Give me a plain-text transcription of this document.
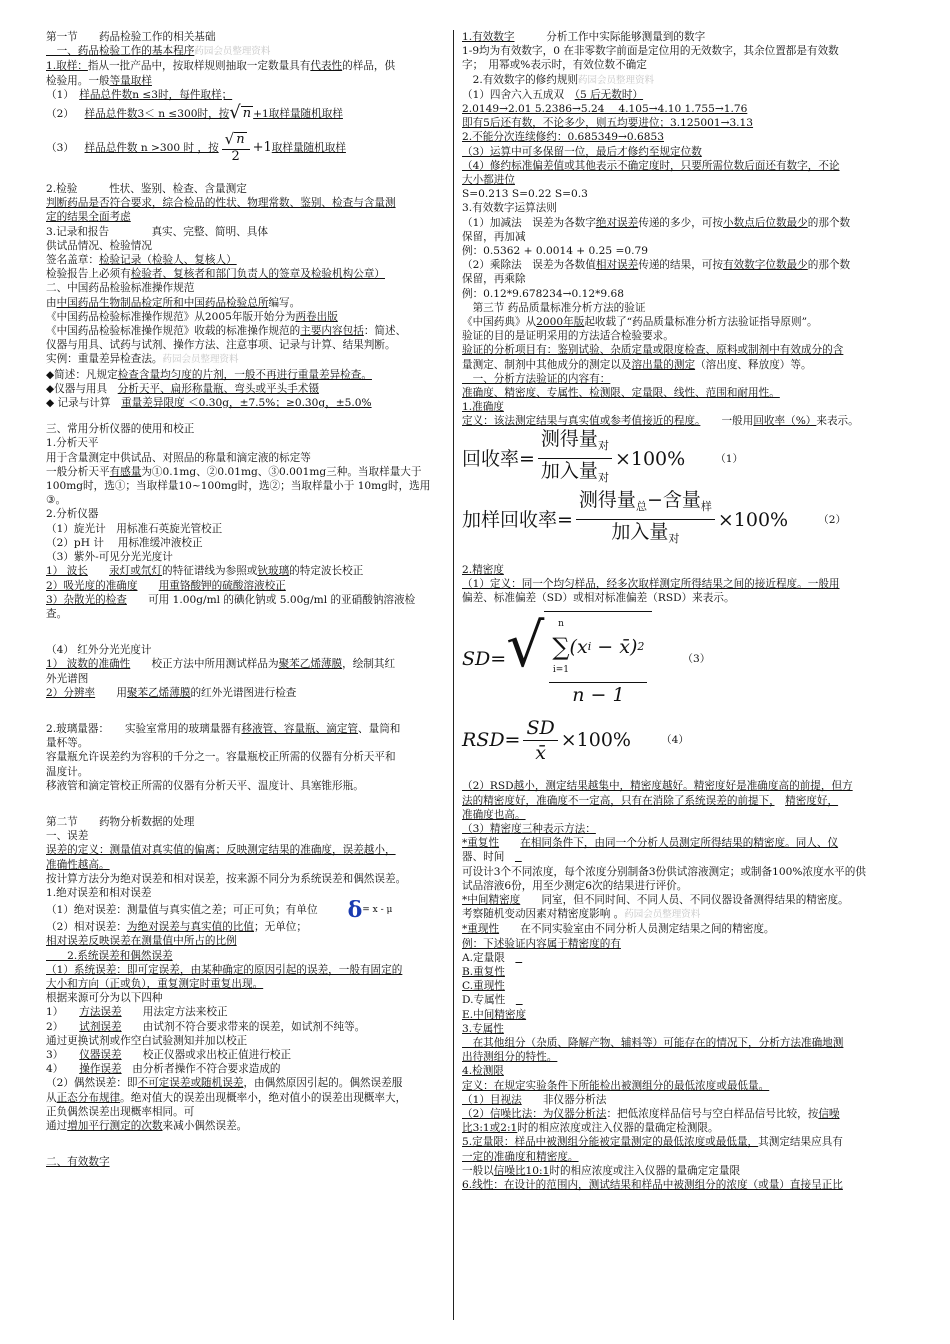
第一节　　药品检验工作的相关基础
　一、药品检验工作的基本程序药园会员整理资料
1.取样：指从一批产品中，按取样规则抽取一定数量具有代表性的样品，供
检验用。一般等量取样
（1）　 样品总件数n ≤3时，每件取样；
（2）
　 样品总件数3＜ n ≤300时，按 √ n +1取样量随机取样
（3）
　 样品总件数 n >300 时 ，按 $\frac{√ n}{2} +1$ 取样量随机取样
2.检验　　　性状、鉴别、检查、含量测定
判断药品是否符合要求，综合检品的性状、物理常数、鉴别、检查与含量测
定的结果全面考虑
3.记录和报告　　　　真实、完整、简明、具体
供试品情况、检验情况
签名盖章：检验记录（检验人、复核人）
检验报告上必须有检验者、复核者和部门负责人的签章及检验机构公章）
二、中国药品检验标准操作规范
由中国药品生物制品检定所和中国药品检验总所编写。
《中国药品检验标准操作规范》从2005年版开始分为两卷出版
《中国药品检验标准操作规范》收载的标准操作规范的主要内容包括：简述、
仪器与用具、试药与试剂、操作方法、注意事项、记录与计算、结果判断。
实例：重量差异检查法。药园会员整理资料
◆简述：凡规定检查含量均匀度的片剂，一般不再进行重量差异检查。
◆仪器与用具　 分析天平、扁形称量瓶、弯头或平头手术镊
◆ 记录与计算　 重量差异限度 ＜0.30g，±7.5%；≥0.30g，±5.0%
三、常用分析仪器的使用和校正
1.分析天平
用于含量测定中供试品、对照品的称量和滴定液的标定等
一般分析天平有感量为①0.1mg、②0.01mg、③0.001mg三种。当取样量大于
100mg时，选①；当取样量10~100mg时，选②；当取样量小于 10mg时，选用
③。
2.分析仪器
（1）旋光计　用标准石英旋光管校正
（2）pH 计　 用标准缓冲液校正
（3）紫外-可见分光光度计
1） 波长　　 汞灯或氘灯的特征谱线为参照或钬玻璃的特定波长校正
2）吸光度的准确度　　 用重铬酸钾的硫酸溶液校正
3）杂散光的检查　　 可用 1.00g/ml 的碘化钠或 5.00g/ml 的亚硝酸钠溶液检
查。
（4） 红外分光光度计
1） 波数的准确性　　 校正方法中所用测试样品为聚苯乙烯薄膜，绘制其红
外光谱图
2）分辨率　　 用聚苯乙烯薄膜的红外光谱图进行检查
2.玻璃量器：　　 实验室常用的玻璃量器有移液管、容量瓶、滴定管、量筒和
量杯等。
容量瓶允许误差约为容积的千分之一。容量瓶校正所需的仪器有分析天平和
温度计。
移液管和滴定管校正所需的仪器有分析天平、温度计、具塞锥形瓶。
第二节　　药物分析数据的处理
一、误差
误差的定义：测量值对真实值的偏离；反映测定结果的准确度，误差越小，
准确性越高。
按计算方法分为绝对误差和相对误差，按来源不同分为系统误差和偶然误差。
1.绝对误差和相对误差
（1）绝对误差：测量值与真实值之差；可正可负；有单位 δ = x - μ
（2）相对误差：为绝对误差与真实值的比值；无单位；
相对误差反映误差在测量值中所占的比例
　　2.系统误差和偶然误差
（1）系统误差：即可定误差，由某种确定的原因引起的误差，一般有固定的
大小和方向（正或负），重复测定时重复出现。
根据来源可分为以下四种
1）　　 方法误差　　 用法定方法来校正
2）　　 试剂误差　　 由试剂不符合要求带来的误差，如试剂不纯等。
通过更换试剂或作空白试验测知并加以校正
3）　　 仪器误差　　 校正仪器或求出校正值进行校正
4）　　 操作误差　 由分析者操作不符合要求造成的
（2）偶然误差：即不可定误差或随机误差，由偶然原因引起的。偶然误差服
从正态分布规律。绝对值大的误差出现概率小，绝对值小的误差出现概率大，
正负偶然误差出现概率相同。可
通过增加平行测定的次数来减小偶然误差。
二、有效数字
1.有效数字　　　	分析工作中实际能够测量到的数字
1-9均为有效数字，0 在非零数字前面是定位用的无效数字，其余位置都是有效数
字；　用幂或%表示时，有效位数不确定
　2.有效数字的修约规则药园会员整理资料
（1）四舍六入五成双　 （5 后无数时）
2.0149→2.01 5.2386→5.24　 4.105→4.10 1.755→1.76
即有5后还有数，不论多少，则五均要进位；3.125001→3.13
2.不能分次连续修约：0.685349→0.6853
（3）运算中可多保留一位，最后才修约至规定位数
（4）修约标准偏差值或其他表示不确定度时，只要所需位数后面还有数字，不论
大小都进位
S=0.213 S=0.22 S=0.3
3.有效数字运算法则
（1）加减法　误差为各数字绝对误差传递的多少，可按小数点后位数最少的那个数
保留，再加减
例：0.5362 + 0.0014 + 0.25 =0.79
（2）乘除法　误差为各数值相对误差传递的结果，可按有效数字位数最少的那个数
保留，再乘除
例：0.12*9.678234→0.12*9.68
　第三节 药品质量标准分析方法的验证
《中国药典》从2000年版起收载了“药品质量标准分析方法验证指导原则”。
验证的目的是证明采用的方法适合检验要求。
验证的分析项目有：鉴别试验、杂质定量或限度检查、原料或制剂中有效成分的含
量测定、制剂中其他成分的测定以及溶出量的测定（溶出度、释放度）等。
　一、分析方法验证的内容有：
准确度、精密度、专属性、检测限、定量限、线性、范围和耐用性。
1.准确度
定义：该法测定结果与真实值或参考值接近的程度。　　 一般用回收率（%）来表示。
回收率= $\frac{测得量_对}{加入量_对} \times 100\%$	（1）
加样回收率= $\frac{测得量_总-含量_样}{加入量_对} \times 100\%$	（2）
2.精密度
（1）定义：同一个均匀样品，经多次取样测定所得结果之间的接近程度。一般用
偏差、标准偏差（SD）或相对标准偏差（RSD）来表示。
SD= √ n
∑
i=1
(x i − x̄) 2
n − 1
（3）
$RSD= \frac{SD}{x̄} \times 100\%$	（4）
（2）RSD越小，测定结果越集中，精密度越好。精密度好是准确度高的前提，但方
法的精密度好，准确度不一定高，只有在消除了系统误差的前提下，　 精密度好，
准确度也高。
（3）精密度三种表示方法：
*重复性　　 在相同条件下，由同一个分析人员测定所得结果的精密度。同人、仪
器、时间　
可设计3个不同浓度，每个浓度分别制备3份供试溶液测定；或制备100%浓度水平的供
试品溶液6份，用至少测定6次的结果进行评价。
*中间精密度　　 同室，但不同时间、不同人员、不同仪器设备测得结果的精密度。
考察随机变动因素对精密度影响 。药园会员整理资料
*重现性　　 在不同实验室由不同分析人员测定结果之间的精密度。
例：下述验证内容属于精密度的有
A.定量限　
B.重复性
C.重现性
D.专属性　
E.中间精密度
3.专属性
　在其他组分（杂质、降解产物、辅料等）可能存在的情况下，分析方法准确地测
出待测组分的特性。
4.检测限
定义：在规定实验条件下所能检出被测组分的最低浓度或最低量。
（1）目视法　　 非仪器分析法
（2）信噪比法：为仪器分析法：把低浓度样品信号与空白样品信号比较，按信噪
比3:1或2:1时的相应浓度或注入仪器的量确定检测限。
5.定量限：样品中被测组分能被定量测定的最低浓度或最低量，其测定结果应具有
一定的准确度和精密度。
一般以信噪比10:1时的相应浓度或注入仪器的量确定定量限
6.线性：在设计的范围内，测试结果和样品中被测组分的浓度（或量）直接呈正比
